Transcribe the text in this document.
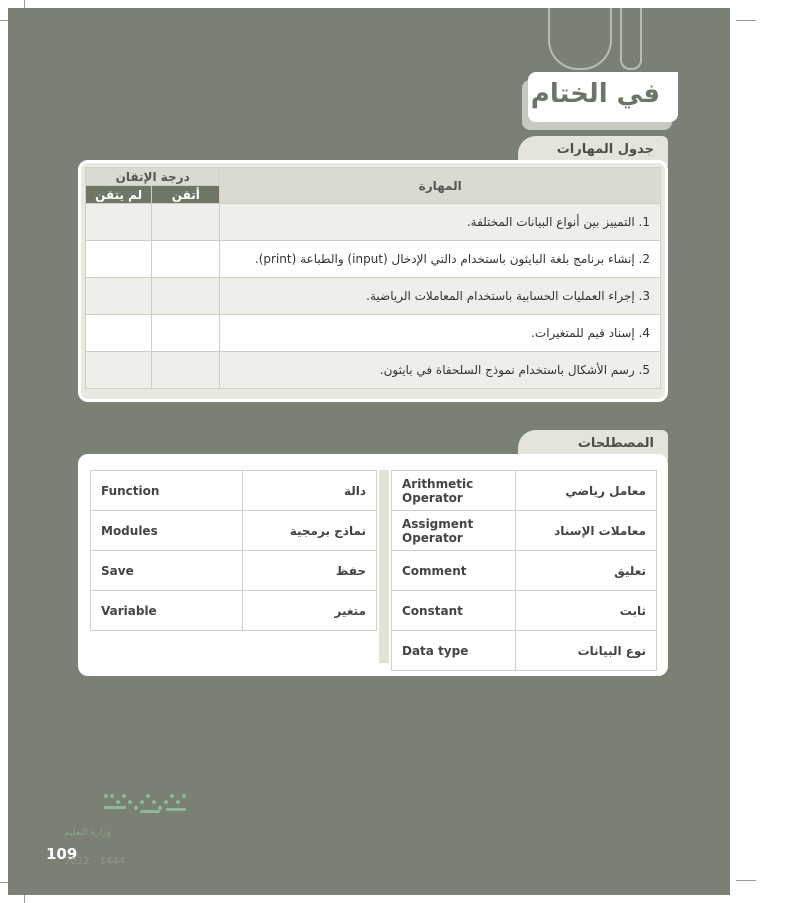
في الختام
جدول المهارات
درجة الإتقان		المهارة
لم يتقن	أتقن	
		1. التمييز بين أنواع البيانات المختلفة.
		2. إنشاء برنامج بلغة البايثون باستخدام دالتي الإدخال (input) والطباعة (print).
		3. إجراء العمليات الحسابية باستخدام المعاملات الرياضية.
		4. إسناد قيم للمتغيرات.
		5. رسم الأشكال باستخدام نموذج السلحفاة في بايثون.
المصطلحات
Function	دالة
Modules	نماذج برمجية
Save	حفظ
Variable	متغير
Arithmetic Operator	معامل رياضي
Assigment Operator	معاملات الإسناد
Comment	تعليق
Constant	ثابت
Data type	نوع البيانات
وزارة التعليم
109
2022 - 1444
